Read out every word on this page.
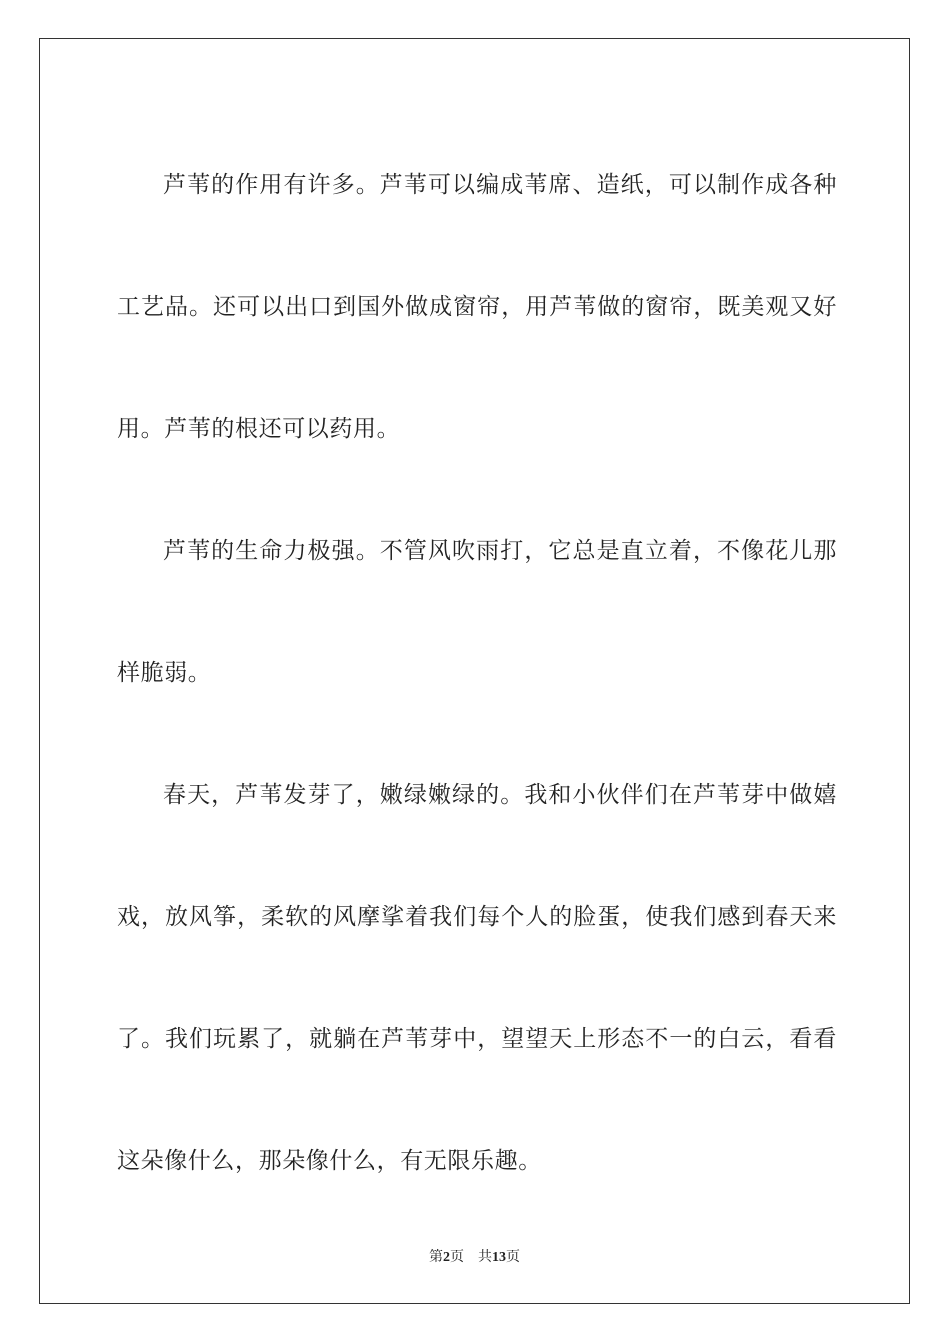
芦苇的作用有许多。芦苇可以编成苇席、造纸，可以制作成各种工艺品。还可以出口到国外做成窗帘，用芦苇做的窗帘，既美观又好用。芦苇的根还可以药用。

芦苇的生命力极强。不管风吹雨打，它总是直立着，不像花儿那样脆弱。

春天，芦苇发芽了，嫩绿嫩绿的。我和小伙伴们在芦苇芽中做嬉戏，放风筝，柔软的风摩挲着我们每个人的脸蛋，使我们感到春天来了。我们玩累了，就躺在芦苇芽中，望望天上形态不一的白云，看看这朵像什么，那朵像什么，有无限乐趣。

第2页 共13页
